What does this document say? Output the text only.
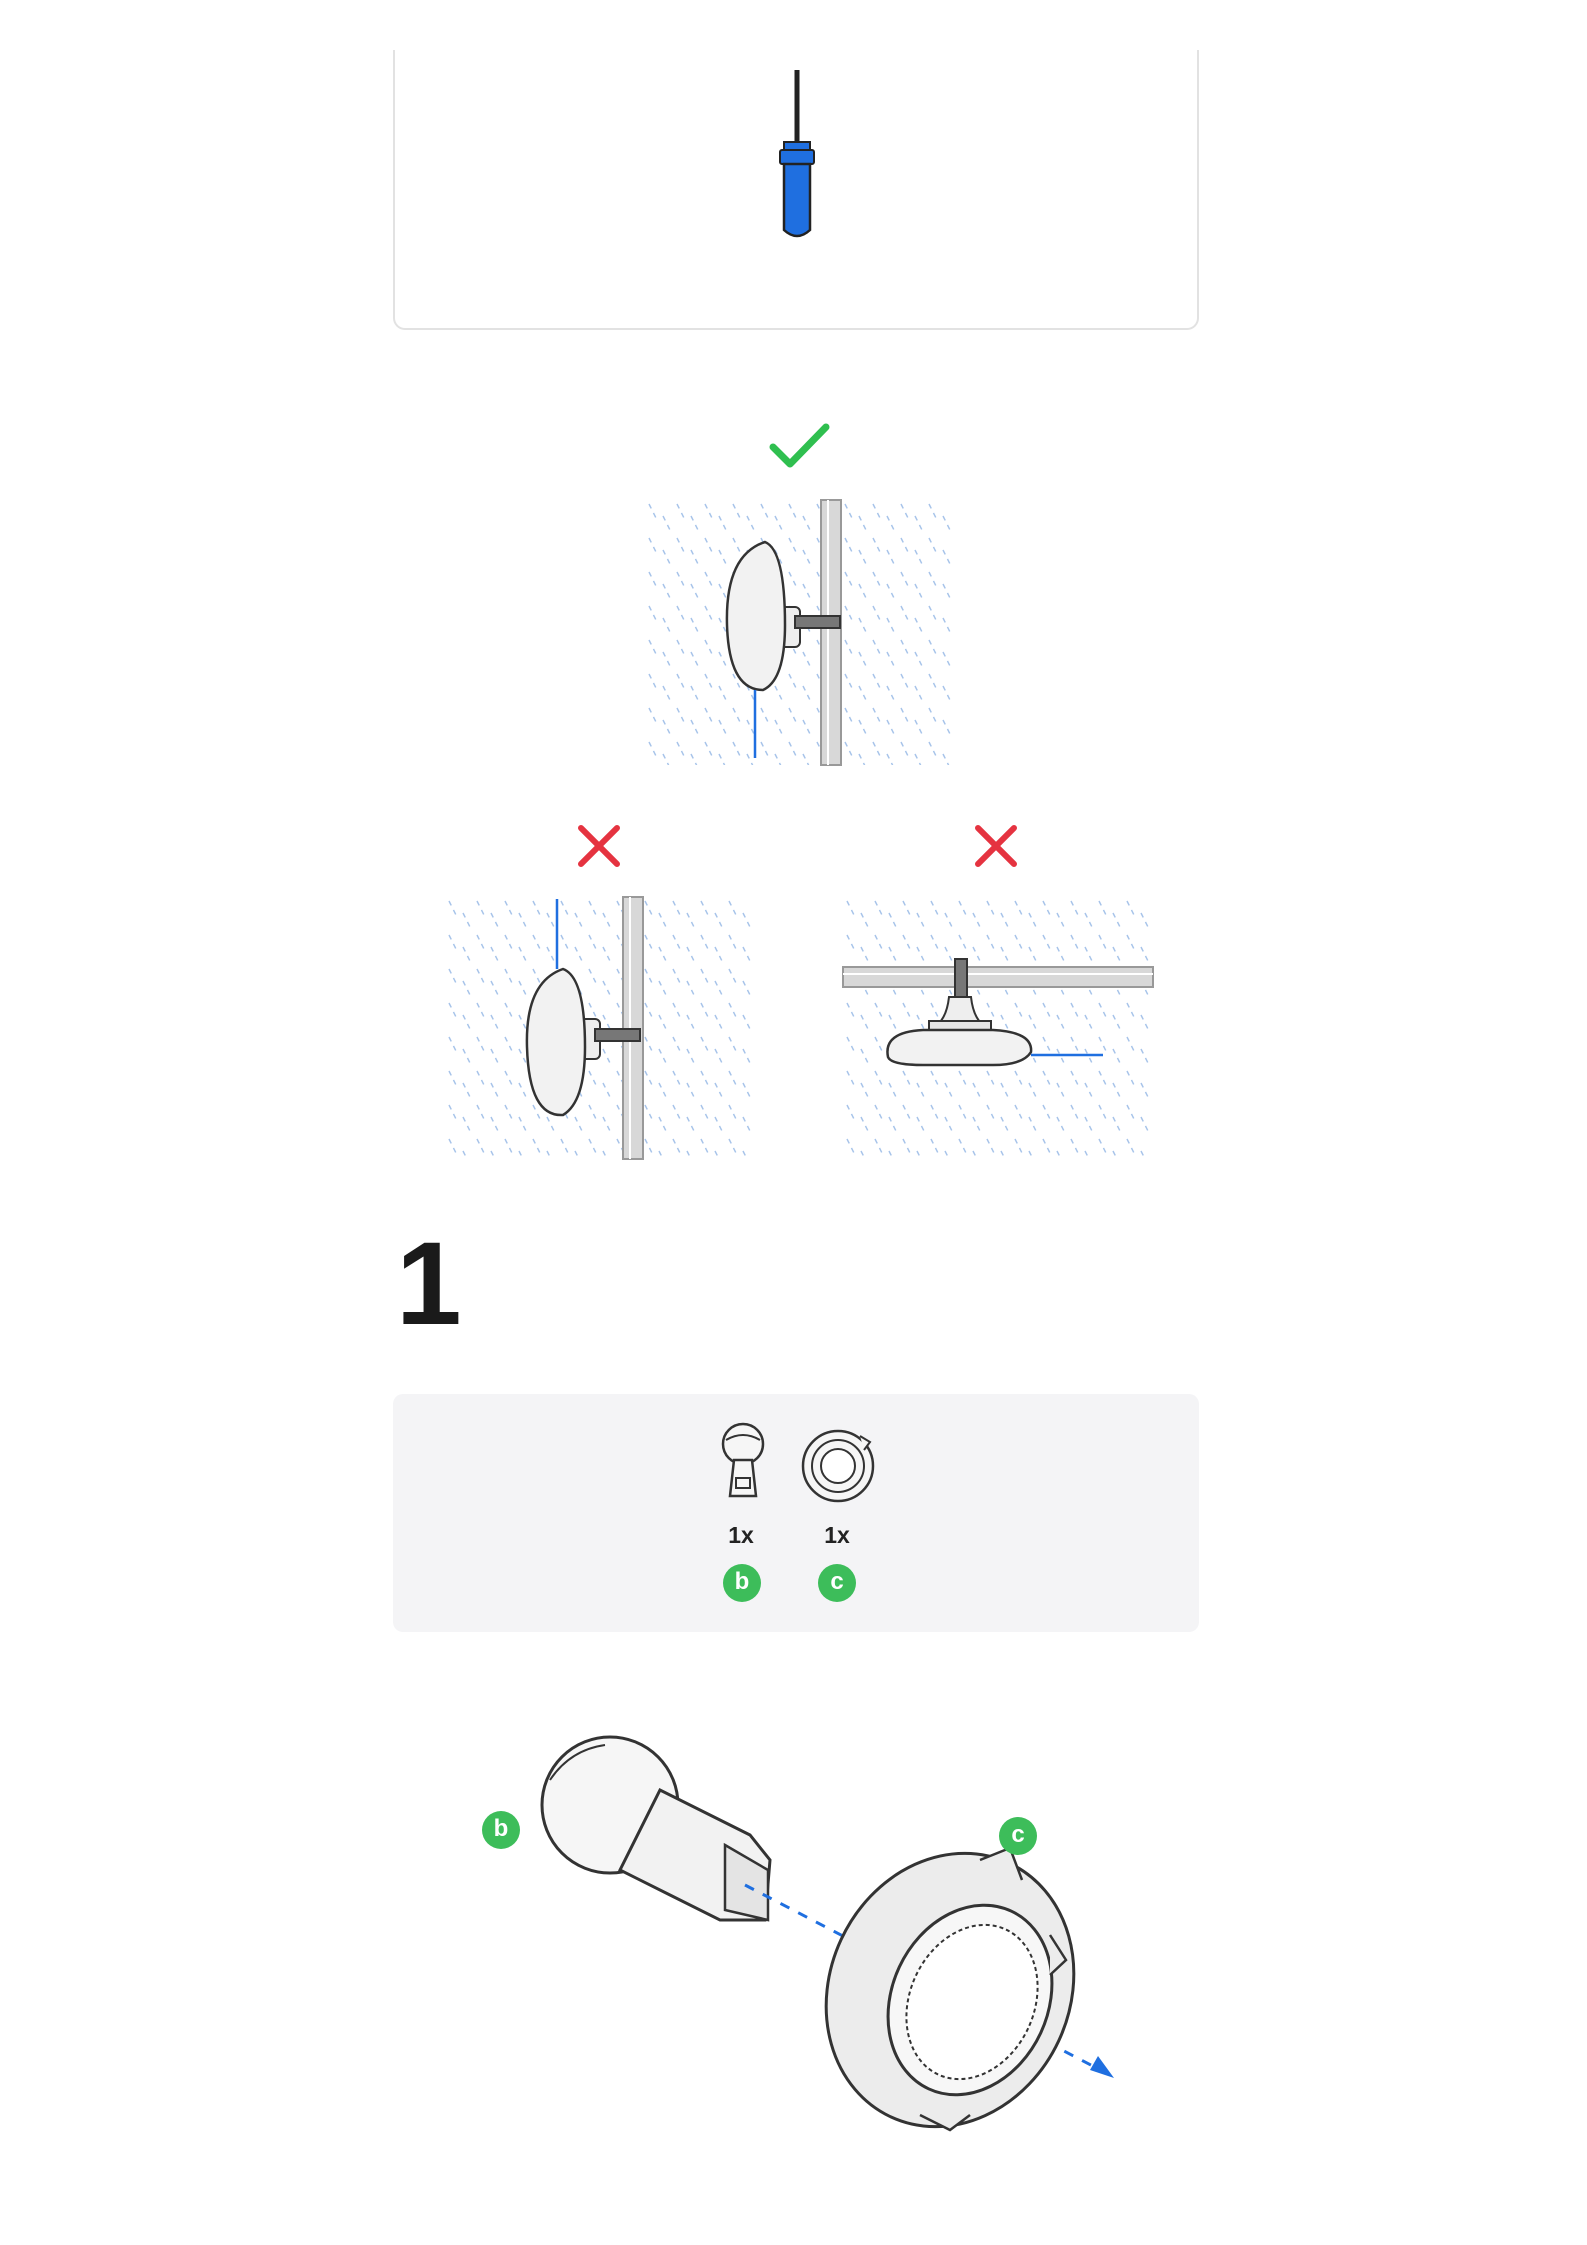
1
1x	1x
b	c
b	c
